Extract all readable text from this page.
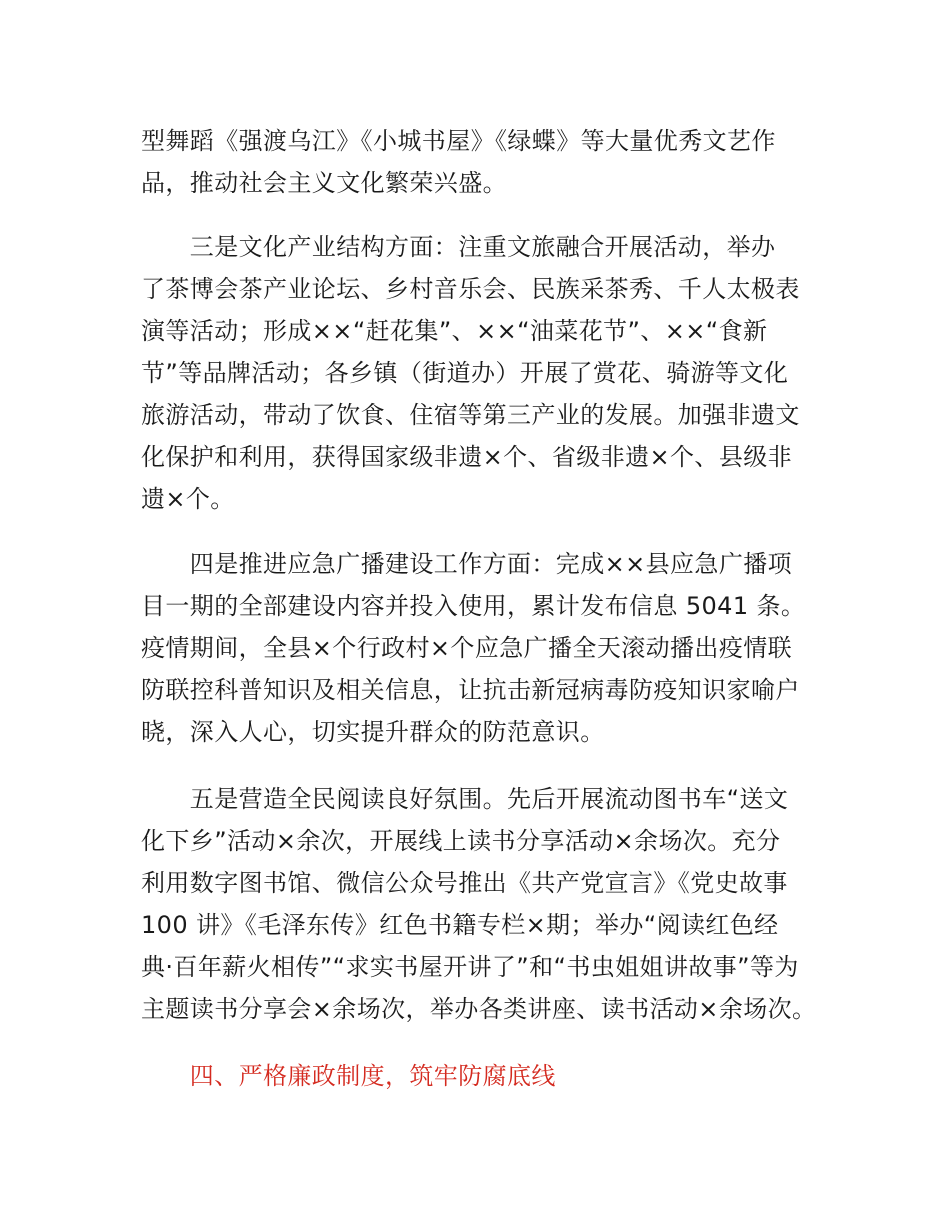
型舞蹈《强渡乌江》《小城书屋》《绿蝶》等大量优秀文艺作
品，推动社会主义文化繁荣兴盛。
　　三是文化产业结构方面：注重文旅融合开展活动，举办
了茶博会茶产业论坛、乡村音乐会、民族采茶秀、千人太极表
演等活动；形成××“赶花集”、××“油菜花节”、××“食新
节”等品牌活动；各乡镇（街道办）开展了赏花、骑游等文化
旅游活动，带动了饮食、住宿等第三产业的发展。加强非遗文
化保护和利用，获得国家级非遗×个、省级非遗×个、县级非
遗×个。
　　四是推进应急广播建设工作方面：完成××县应急广播项
目一期的全部建设内容并投入使用，累计发布信息 5041 条。
疫情期间，全县×个行政村×个应急广播全天滚动播出疫情联
防联控科普知识及相关信息，让抗击新冠病毒防疫知识家喻户
晓，深入人心，切实提升群众的防范意识。
　　五是营造全民阅读良好氛围。先后开展流动图书车“送文
化下乡”活动×余次，开展线上读书分享活动×余场次。充分
利用数字图书馆、微信公众号推出《共产党宣言》《党史故事
100 讲》《毛泽东传》红色书籍专栏×期；举办“阅读红色经
典·百年薪火相传”“求实书屋开讲了”和“书虫姐姐讲故事”等为
主题读书分享会×余场次，举办各类讲座、读书活动×余场次。
　　四、严格廉政制度，筑牢防腐底线
